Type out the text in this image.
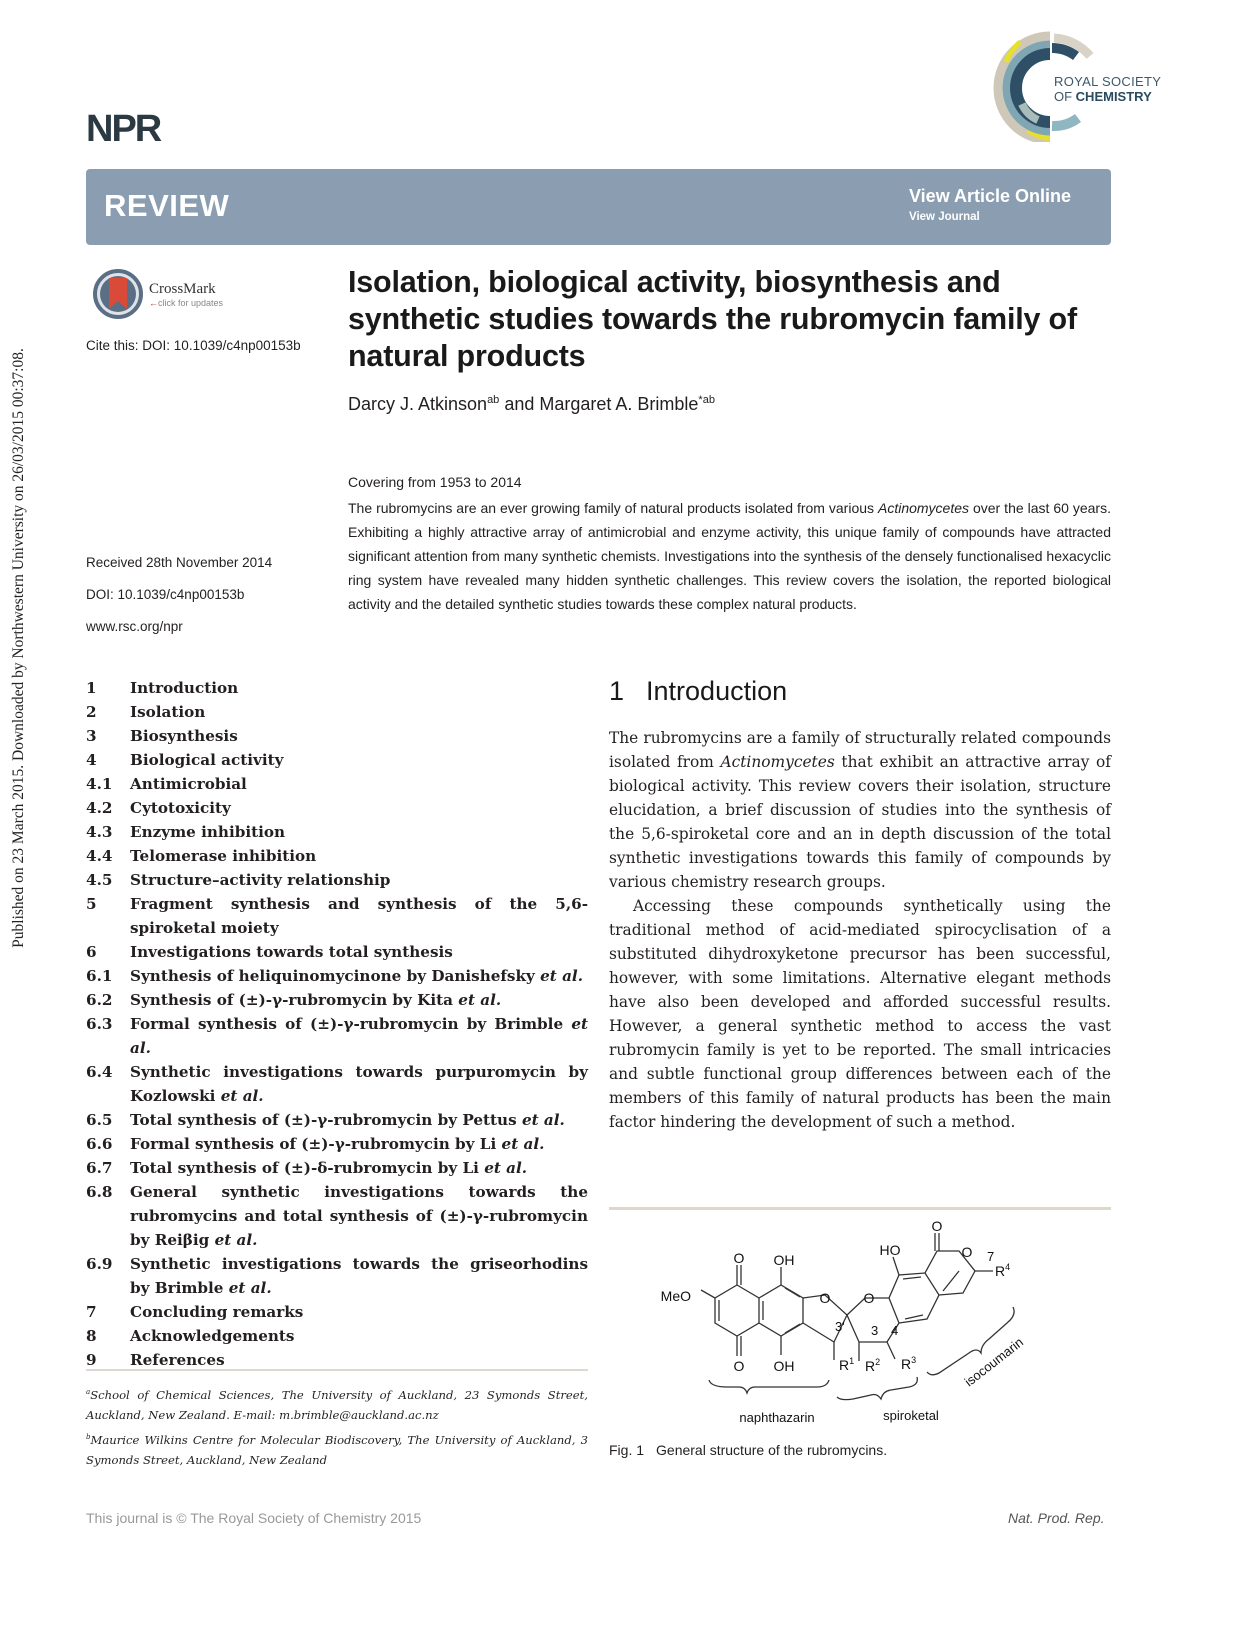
Published on 23 March 2015. Downloaded by Northwestern University on 26/03/2015 00:37:08.
NPR
ROYAL SOCIETY
OF CHEMISTRY
REVIEW	View Article Online
View Journal
CrossMark
←click for updates
Cite this: DOI: 10.1039/c4np00153b
Isolation, biological activity, biosynthesis and synthetic studies towards the rubromycin family of natural products
Darcy J. Atkinson$^{ab}$ and Margaret A. Brimble$^{*ab}$
Received 28th November 2014
DOI: 10.1039/c4np00153b
www.rsc.org/npr
Covering from 1953 to 2014

The rubromycins are an ever growing family of natural products isolated from various Actinomycetes over the last 60 years. Exhibiting a highly attractive array of antimicrobial and enzyme activity, this unique family of compounds have attracted significant attention from many synthetic chemists. Investigations into the synthesis of the densely functionalised hexacyclic ring system have revealed many hidden synthetic challenges. This review covers the isolation, the reported biological activity and the detailed synthetic studies towards these complex natural products.

1	Introduction
2	Isolation
3	Biosynthesis
4	Biological activity
4.1	Antimicrobial
4.2	Cytotoxicity
4.3	Enzyme inhibition
4.4	Telomerase inhibition
4.5	Structure–activity relationship
5	Fragment synthesis and synthesis of the 5,6-spiroketal moiety
6	Investigations towards total synthesis
6.1	Synthesis of heliquinomycinone by Danishefsky et al.
6.2	Synthesis of (±)-γ-rubromycin by Kita et al.
6.3	Formal synthesis of (±)-γ-rubromycin by Brimble et al.
6.4	Synthetic investigations towards purpuromycin by Kozlowski et al.
6.5	Total synthesis of (±)-γ-rubromycin by Pettus et al.
6.6	Formal synthesis of (±)-γ-rubromycin by Li et al.
6.7	Total synthesis of (±)-δ-rubromycin by Li et al.
6.8	General synthetic investigations towards the rubromycins and total synthesis of (±)-γ-rubromycin by Reiβig et al.
6.9	Synthetic investigations towards the griseorhodins by Brimble et al.
7	Concluding remarks
8	Acknowledgements
9	References

$^a$School of Chemical Sciences, The University of Auckland, 23 Symonds Street, Auckland, New Zealand. E-mail: m.brimble@auckland.ac.nz

$^b$Maurice Wilkins Centre for Molecular Biodiscovery, The University of Auckland, 3 Symonds Street, Auckland, New Zealand

1 Introduction

The rubromycins are a family of structurally related compounds isolated from Actinomycetes that exhibit an attractive array of biological activity. This review covers their isolation, structure elucidation, a brief discussion of studies into the synthesis of the 5,6-spiroketal core and an in depth discussion of the total synthetic investigations towards this family of compounds by various chemistry research groups.

Accessing these compounds synthetically using the traditional method of acid-mediated spirocyclisation of a substituted dihydroxyketone precursor has been successful, however, with some limitations. Alternative elegant methods have also been developed and afforded successful results. However, a general synthetic method to access the vast rubromycin family is yet to be reported. The small intricacies and subtle functional group differences between each of the members of this family of natural products has been the main factor hindering the development of such a method.

MeO
O OH
O OH
O O
HO
O
O 7
$R^4$
3' 3 4
$R^1$ $R^2$ $R^3$
naphthazarin	spiroketal
isocoumarin
Fig. 1 General structure of the rubromycins.
This journal is © The Royal Society of Chemistry 2015	Nat. Prod. Rep.
